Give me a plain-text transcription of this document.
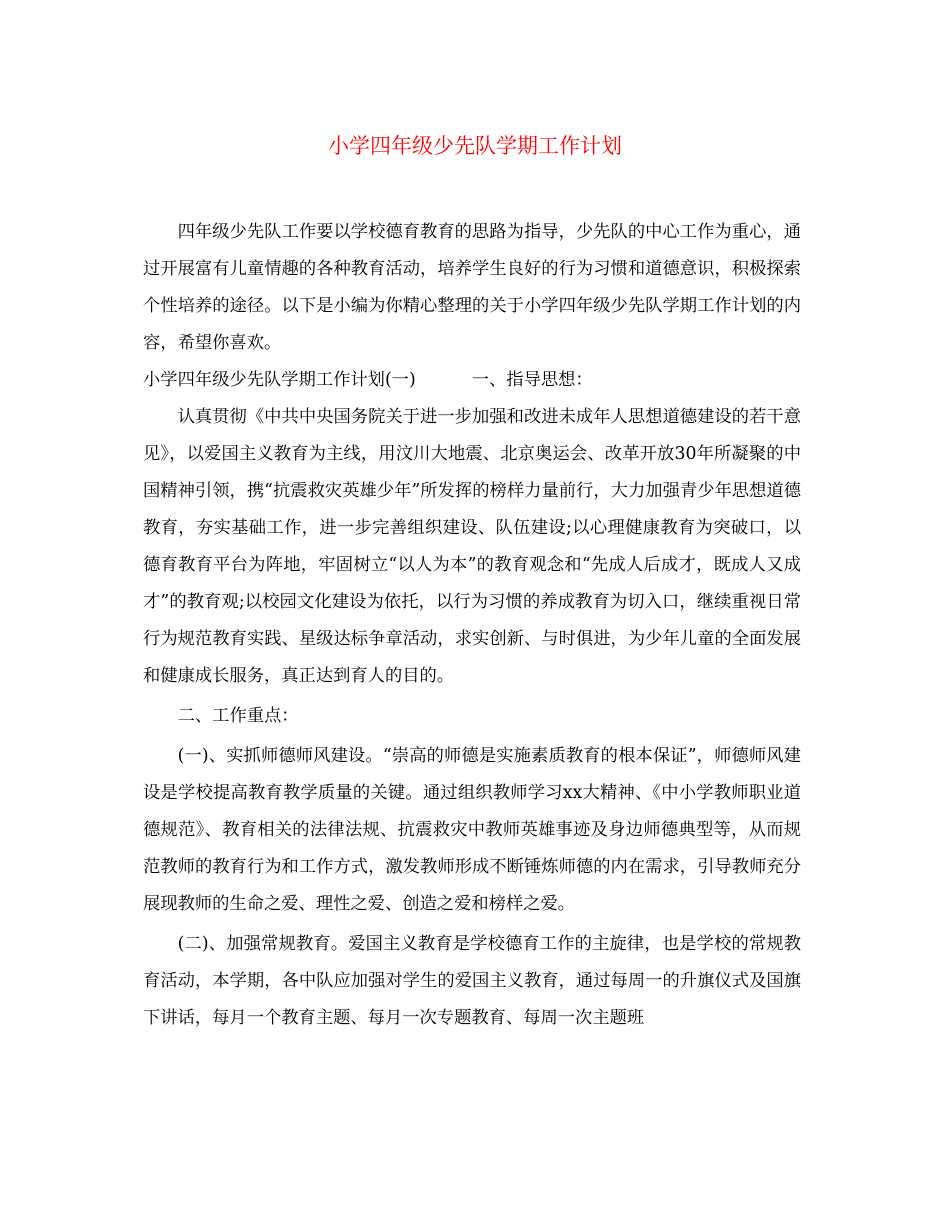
小学四年级少先队学期工作计划

四年级少先队工作要以学校德育教育的思路为指导，少先队的中心工作为重心，通过开展富有儿童情趣的各种教育活动，培养学生良好的行为习惯和道德意识，积极探索个性培养的途径。以下是小编为你精心整理的关于小学四年级少先队学期工作计划的内容，希望你喜欢。

小学四年级少先队学期工作计划(一)	一、指导思想：

认真贯彻《中共中央国务院关于进一步加强和改进未成年人思想道德建设的若干意见》，以爱国主义教育为主线，用汶川大地震、北京奥运会、改革开放30年所凝聚的中国精神引领，携“抗震救灾英雄少年”所发挥的榜样力量前行，大力加强青少年思想道德教育，夯实基础工作，进一步完善组织建设、队伍建设;以心理健康教育为突破口，以德育教育平台为阵地，牢固树立“以人为本”的教育观念和“先成人后成才，既成人又成才”的教育观;以校园文化建设为依托，以行为习惯的养成教育为切入口，继续重视日常行为规范教育实践、星级达标争章活动，求实创新、与时俱进，为少年儿童的全面发展和健康成长服务，真正达到育人的目的。

二、工作重点：

(一)、实抓师德师风建设。“崇高的师德是实施素质教育的根本保证”，师德师风建设是学校提高教育教学质量的关键。通过组织教师学习xx大精神、《中小学教师职业道德规范》、教育相关的法律法规、抗震救灾中教师英雄事迹及身边师德典型等，从而规范教师的教育行为和工作方式，激发教师形成不断锤炼师德的内在需求，引导教师充分展现教师的生命之爱、理性之爱、创造之爱和榜样之爱。

(二)、加强常规教育。爱国主义教育是学校德育工作的主旋律，也是学校的常规教育活动，本学期，各中队应加强对学生的爱国主义教育，通过每周一的升旗仪式及国旗下讲话，每月一个教育主题、每月一次专题教育、每周一次主题班
